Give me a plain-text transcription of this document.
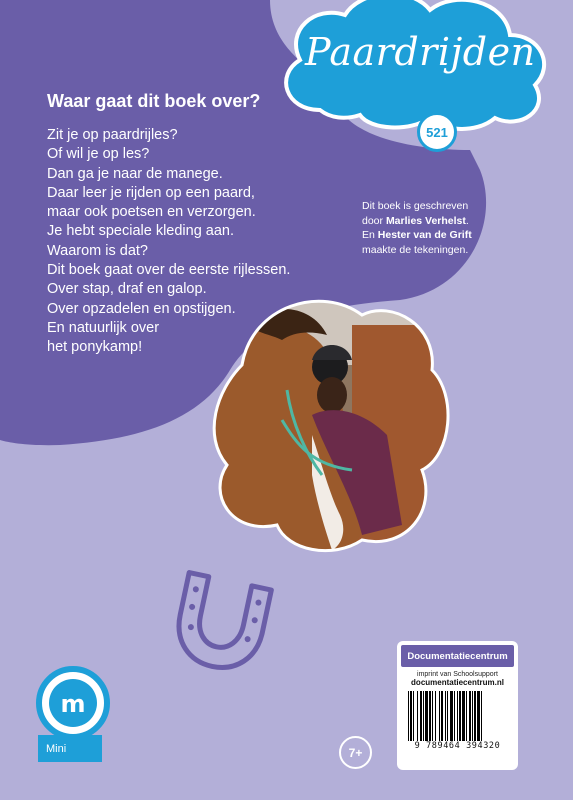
Paardrijden
521
Waar gaat dit boek over?
Zit je op paardrijles?
Of wil je op les?
Dan ga je naar de manege.
Daar leer je rijden op een paard,
maar ook poetsen en verzorgen.
Je hebt speciale kleding aan.
Waarom is dat?
Dit boek gaat over de eerste rijlessen.
Over stap, draf en galop.
Over opzadelen en opstijgen.
En natuurlijk over
het ponykamp!
Dit boek is geschreven
door Marlies Verhelst.
En Hester van de Grift
maakte de tekeningen.
m
Mini	7+
Documentatiecentrum
imprint van Schoolsupport
documentatiecentrum.nl
9 789464 394320
